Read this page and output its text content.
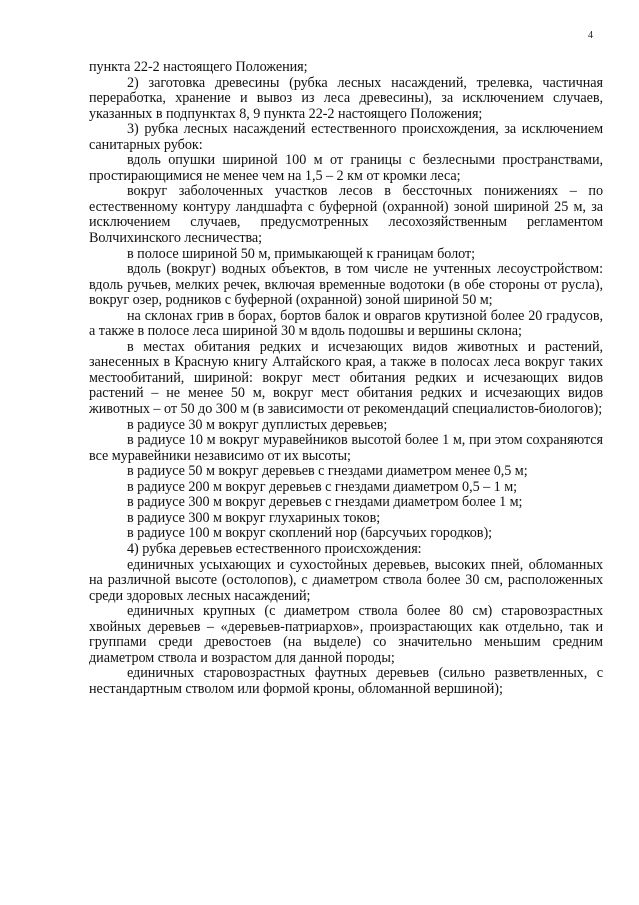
4

пункта 22-2 настоящего Положения;

2) заготовка древесины (рубка лесных насаждений, трелевка, частичная переработка, хранение и вывоз из леса древесины), за исключением случаев, указанных в подпунктах 8, 9 пункта 22-2 настоящего Положения;

3) рубка лесных насаждений естественного происхождения, за исключением санитарных рубок:

вдоль опушки шириной 100 м от границы с безлесными пространствами, простирающимися не менее чем на 1,5 – 2 км от кромки леса;

вокруг заболоченных участков лесов в бессточных понижениях – по естественному контуру ландшафта с буферной (охранной) зоной шириной 25 м, за исключением случаев, предусмотренных лесохозяйственным регламентом Волчихинского лесничества;

в полосе шириной 50 м, примыкающей к границам болот;

вдоль (вокруг) водных объектов, в том числе не учтенных лесоустройством: вдоль ручьев, мелких речек, включая временные водотоки (в обе стороны от русла), вокруг озер, родников с буферной (охранной) зоной шириной 50 м;

на склонах грив в борах, бортов балок и оврагов крутизной более 20 градусов, а также в полосе леса шириной 30 м вдоль подошвы и вершины склона;

в местах обитания редких и исчезающих видов животных и растений, занесенных в Красную книгу Алтайского края, а также в полосах леса вокруг таких местообитаний, шириной: вокруг мест обитания редких и исчезающих видов растений – не менее 50 м, вокруг мест обитания редких и исчезающих видов животных – от 50 до 300 м (в зависимости от рекомендаций специалистов-биологов);

в радиусе 30 м вокруг дуплистых деревьев;

в радиусе 10 м вокруг муравейников высотой более 1 м, при этом сохраняются все муравейники независимо от их высоты;

в радиусе 50 м вокруг деревьев с гнездами диаметром менее 0,5 м;

в радиусе 200 м вокруг деревьев с гнездами диаметром 0,5 – 1 м;

в радиусе 300 м вокруг деревьев с гнездами диаметром более 1 м;

в радиусе 300 м вокруг глухариных токов;

в радиусе 100 м вокруг скоплений нор (барсучьих городков);

4) рубка деревьев естественного происхождения:

единичных усыхающих и сухостойных деревьев, высоких пней, обломанных на различной высоте (остолопов), с диаметром ствола более 30 см, расположенных среди здоровых лесных насаждений;

единичных крупных (с диаметром ствола более 80 см) старовозрастных хвойных деревьев – «деревьев-патриархов», произрастающих как отдельно, так и группами среди древостоев (на выделе) со значительно меньшим средним диаметром ствола и возрастом для данной породы;

единичных старовозрастных фаутных деревьев (сильно разветвленных, с нестандартным стволом или формой кроны, обломанной вершиной);
